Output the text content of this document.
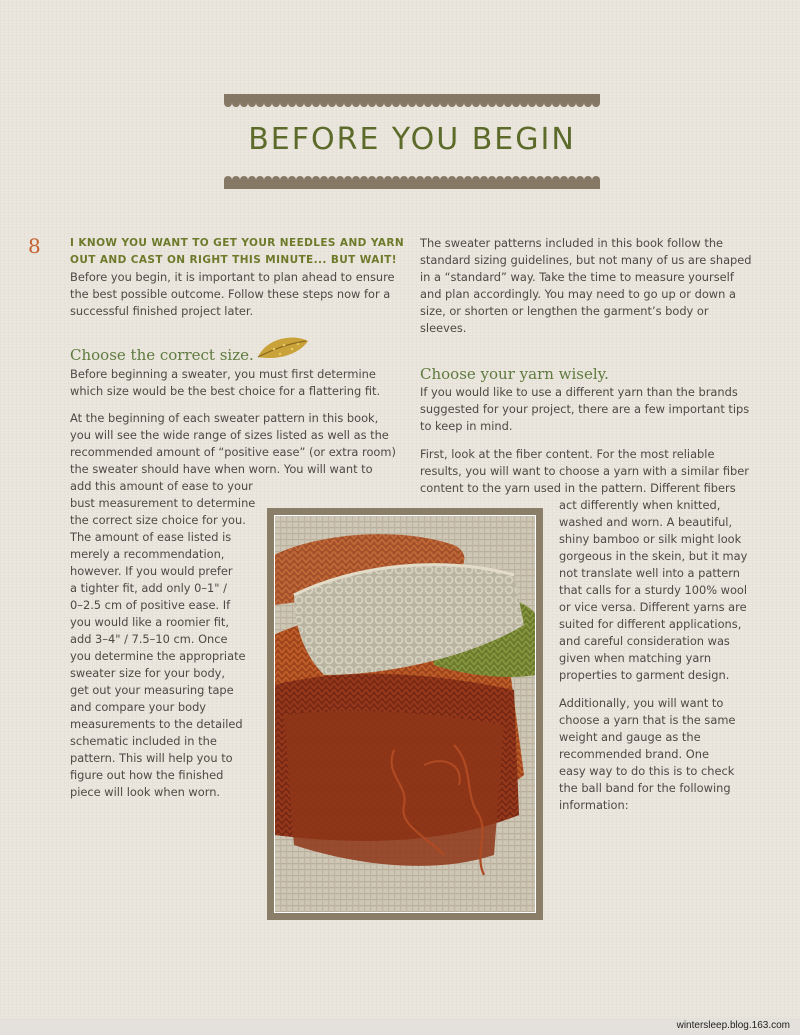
BEFORE YOU BEGIN
8	I KNOW YOU WANT TO GET YOUR NEEDLES AND YARN

OUT AND CAST ON RIGHT THIS MINUTE... BUT WAIT!

Before you begin, it is important to plan ahead to ensure the best possible outcome. Follow these steps now for a successful finished project later.

Choose the correct size.

Before beginning a sweater, you must first determine which size would be the best choice for a flattering fit.

At the beginning of each sweater pattern in this book,

you will see the wide range of sizes listed as well as the

recommended amount of “positive ease” (or extra room)

the sweater should have when worn. You will want to

add this amount of ease to your

bust measurement to determine

the correct size choice for you.

The amount of ease listed is

merely a recommendation,

however. If you would prefer

a tighter fit, add only 0–1" /

0–2.5 cm of positive ease. If

you would like a roomier fit,

add 3–4" / 7.5–10 cm. Once

you determine the appropriate

sweater size for your body,

get out your measuring tape

and compare your body

measurements to the detailed

schematic included in the

pattern. This will help you to

figure out how the finished

piece will look when worn.

The sweater patterns included in this book follow the standard sizing guidelines, but not many of us are shaped in a “standard” way. Take the time to measure yourself and plan accordingly. You may need to go up or down a size, or shorten or lengthen the garment’s body or sleeves.

Choose your yarn wisely.

If you would like to use a different yarn than the brands suggested for your project, there are a few important tips to keep in mind.

First, look at the fiber content. For the most reliable

results, you will want to choose a yarn with a similar fiber

content to the yarn used in the pattern. Different fibers

act differently when knitted,

washed and worn. A beautiful,

shiny bamboo or silk might look

gorgeous in the skein, but it may

not translate well into a pattern

that calls for a sturdy 100% wool

or vice versa. Different yarns are

suited for different applications,

and careful consideration was

given when matching yarn

properties to garment design.

Additionally, you will want to

choose a yarn that is the same

weight and gauge as the

recommended brand. One

easy way to do this is to check

the ball band for the following

information:

wintersleep.blog.163.com
